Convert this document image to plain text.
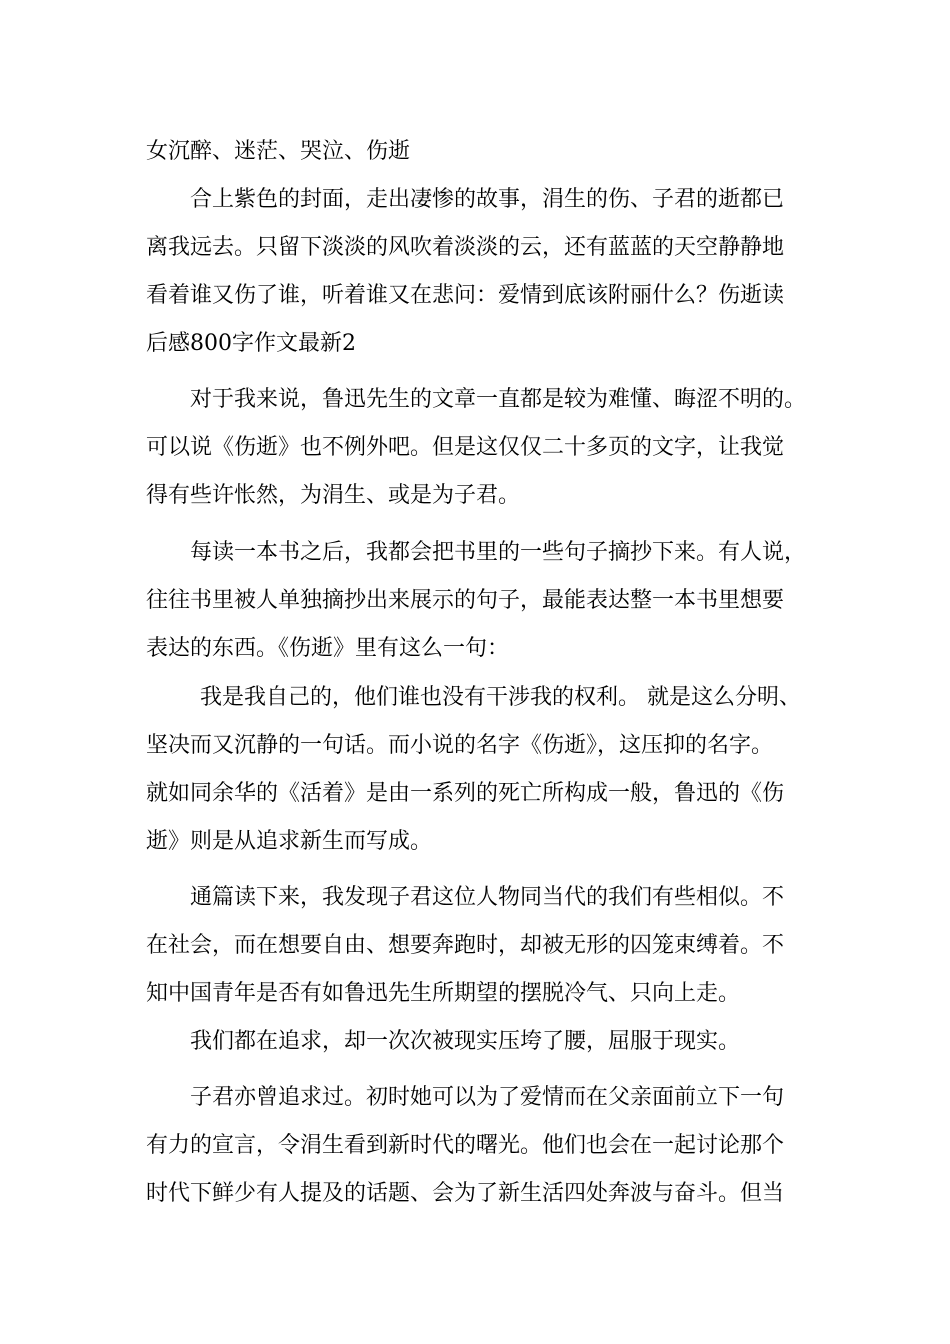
女沉醉、迷茫、哭泣、伤逝
合上紫色的封面，走出凄惨的故事，涓生的伤、子君的逝都已
离我远去。只留下淡淡的风吹着淡淡的云，还有蓝蓝的天空静静地
看着谁又伤了谁，听着谁又在悲问：爱情到底该附丽什么？伤逝读
后感800字作文最新2
对于我来说，鲁迅先生的文章一直都是较为难懂、晦涩不明的。
可以说《伤逝》也不例外吧。但是这仅仅二十多页的文字，让我觉
得有些许怅然，为涓生、或是为子君。
每读一本书之后，我都会把书里的一些句子摘抄下来。有人说，
往往书里被人单独摘抄出来展示的句子，最能表达整一本书里想要
表达的东西。《伤逝》里有这么一句：
我是我自己的，他们谁也没有干涉我的权利。 就是这么分明、
坚决而又沉静的一句话。而小说的名字《伤逝》，这压抑的名字。
就如同余华的《活着》是由一系列的死亡所构成一般，鲁迅的《伤
逝》则是从追求新生而写成。
通篇读下来，我发现子君这位人物同当代的我们有些相似。不
在社会，而在想要自由、想要奔跑时，却被无形的囚笼束缚着。不
知中国青年是否有如鲁迅先生所期望的摆脱冷气、只向上走。
我们都在追求，却一次次被现实压垮了腰，屈服于现实。
子君亦曾追求过。初时她可以为了爱情而在父亲面前立下一句
有力的宣言，令涓生看到新时代的曙光。他们也会在一起讨论那个
时代下鲜少有人提及的话题、会为了新生活四处奔波与奋斗。但当
